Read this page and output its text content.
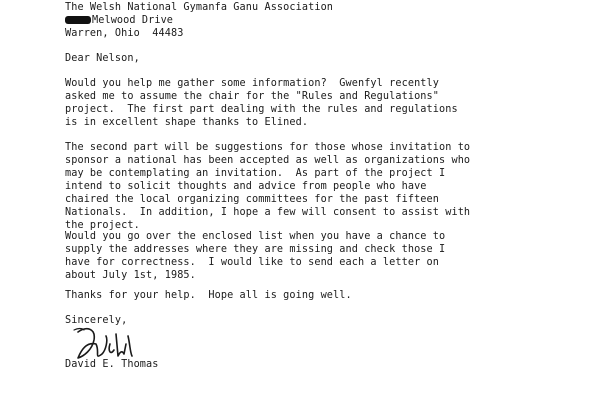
The Welsh National Gymanfa Ganu Association
Melwood Drive
Warren, Ohio  44483
Dear Nelson,
Would you help me gather some information?  Gwenfyl recently
asked me to assume the chair for the "Rules and Regulations"
project.  The first part dealing with the rules and regulations
is in excellent shape thanks to Elined.
The second part will be suggestions for those whose invitation to
sponsor a national has been accepted as well as organizations who
may be contemplating an invitation.  As part of the project I
intend to solicit thoughts and advice from people who have
chaired the local organizing committees for the past fifteen
Nationals.  In addition, I hope a few will consent to assist with
the project.
Would you go over the enclosed list when you have a chance to
supply the addresses where they are missing and check those I
have for correctness.  I would like to send each a letter on
about July 1st, 1985.
Thanks for your help.  Hope all is going well.
Sincerely,
David E. Thomas
